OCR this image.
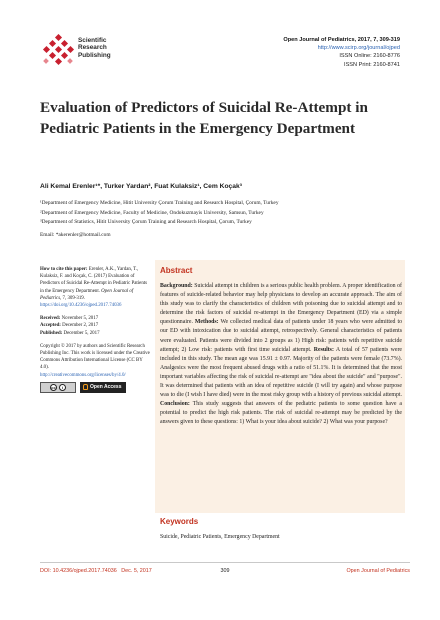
Scientific
Research
Publishing
Open Journal of Pediatrics, 2017, 7, 309-319
http://www.scirp.org/journal/ojped
ISSN Online: 2160-8776
ISSN Print: 2160-8741
Evaluation of Predictors of Suicidal Re-Attempt in Pediatric Patients in the Emergency Department
Ali Kemal Erenler¹*, Turker Yardan², Fuat Kulaksiz¹, Cem Koçak³
¹Department of Emergency Medicine, Hitit University Çorum Training and Research Hospital, Çorum, Turkey
²Department of Emergency Medicine, Faculty of Medicine, Ondokuzmayis University, Samsun, Turkey
³Department of Statistics, Hitit University Çorum Training and Research Hospital, Çorum, Turkey
Email: *akerenler@hotmail.com
How to cite this paper: Erenler, A.K., Yardan, T., Kulaksiz, F. and Koçak, C. (2017) Evaluation of Predictors of Suicidal Re-Attempt in Pediatric Patients in the Emergency Department. Open Journal of Pediatrics, 7, 309-319.
https://doi.org/10.4236/ojped.2017.74036
Received: November 5, 2017
Accepted: December 2, 2017
Published: December 5, 2017
Copyright © 2017 by authors and Scientific Research Publishing Inc. This work is licensed under the Creative Commons Attribution International License (CC BY 4.0).
http://creativecommons.org/licenses/by/4.0/
cc	i	Open Access
Abstract
Background: Suicidal attempt in children is a serious public health problem. A proper identification of features of suicide-related behavior may help physicians to develop an accurate approach. The aim of this study was to clarify the characteristics of children with poisoning due to suicidal attempt and to determine the risk factors of suicidal re-attempt in the Emergency Department (ED) via a simple questionnaire. Methods: We collected medical data of patients under 18 years who were admitted to our ED with intoxication due to suicidal attempt, retrospectively. General characteristics of patients were evaluated. Patients were divided into 2 groups as 1) High risk: patients with repetitive suicide attempt; 2) Low risk: patients with first time suicidal attempt. Results: A total of 57 patients were included in this study. The mean age was 15.91 ± 0.97. Majority of the patients were female (73.7%). Analgesics were the most frequent abused drugs with a ratio of 51.1%. It is determined that the most important variables affecting the risk of suicidal re-attempt are "idea about the suicide" and "purpose". It was determined that patients with an idea of repetitive suicide (I will try again) and whose purpose was to die (I wish I have died) were in the most risky group with a history of previous suicidal attempt. Conclusion: This study suggests that answers of the pediatric patients to some question have a potential to predict the high risk patients. The risk of suicidal re-attempt may be predicted by the answers given to these questions: 1) What is your idea about suicide? 2) What was your purpose?
Keywords
Suicide, Pediatric Patients, Emergency Department
DOI: 10.4236/ojped.2017.74036 Dec. 5, 2017	309	Open Journal of Pediatrics
